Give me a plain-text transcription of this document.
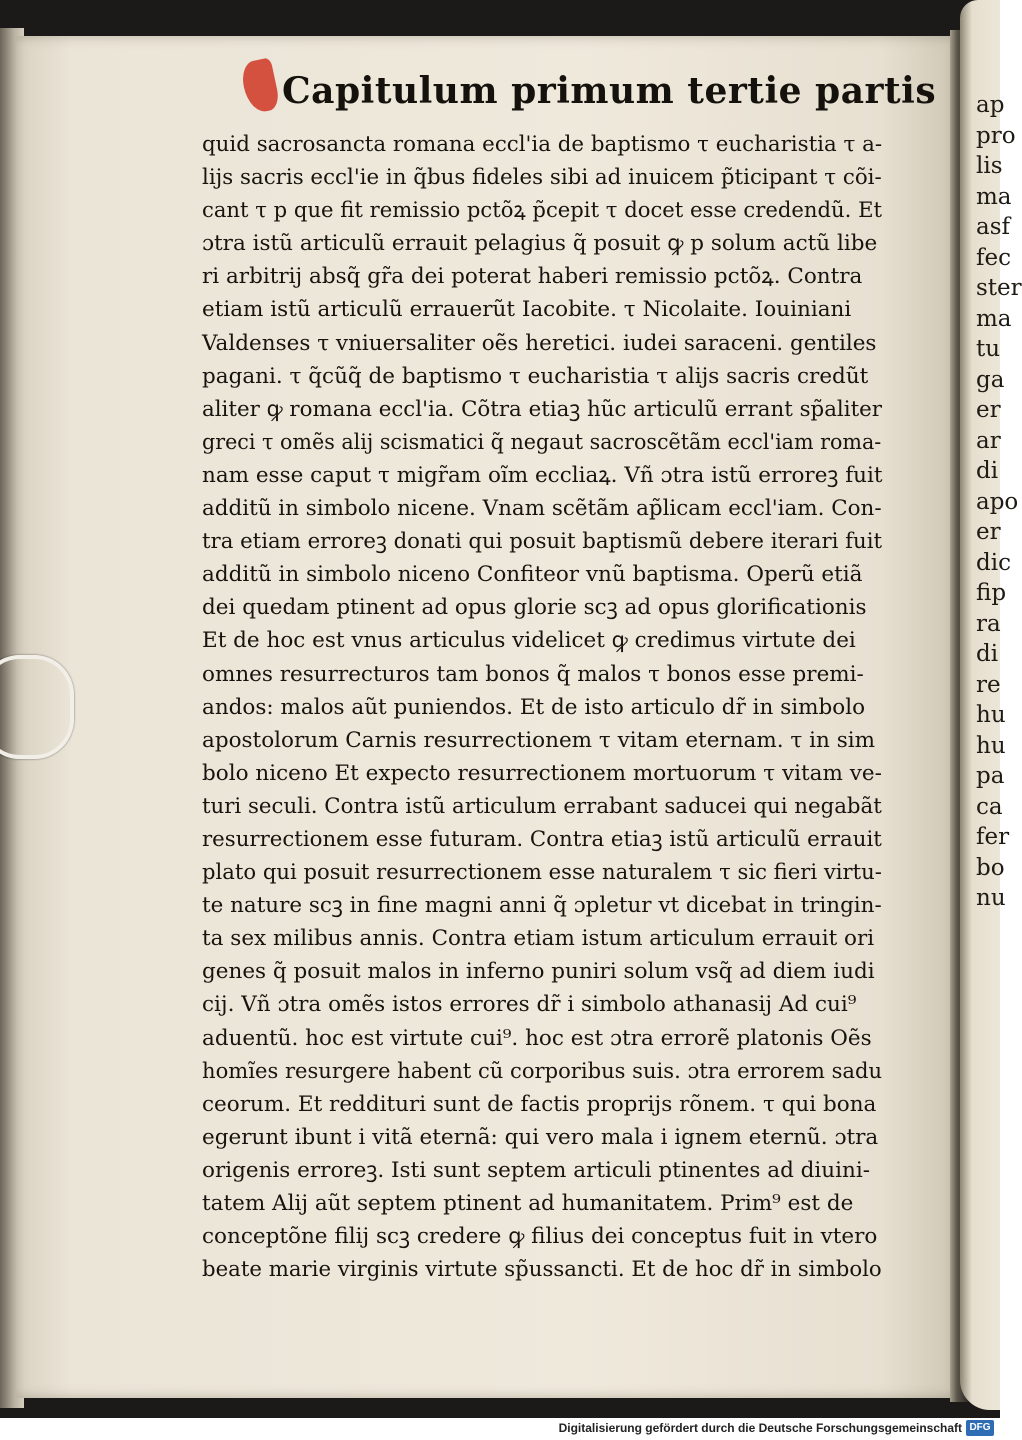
ap
pro
lis
ma
asf
fec
ster
ma
tu
ga
er
ar
di
apo
er
dic
fip
ra
di
re
hu
hu
pa
ca
fer
bo
nu
Capitulum primum tertie partis
quid sacrosancta romana eccl'ia de baptismo τ eucharistia τ a-
lijs sacris eccl'ie in q̃bus fideles sibi ad inuicem p̃ticipant τ cõi-
cant τ p que fit remissio pctõꝝ p̃cepit τ docet esse credendũ. Et
ɔtra istũ articulũ errauit pelagius q̃ posuit ꝙ p solum actũ libe
ri arbitrij absq̃ gr̃a dei poterat haberi remissio pctõꝝ. Contra
etiam istũ articulũ errauerũt Iacobite. τ Nicolaite. Iouiniani
Valdenses τ vniuersaliter oẽs heretici. iudei saraceni. gentiles
pagani. τ q̃cũq̃ de baptismo τ eucharistia τ alijs sacris credũt
aliter ꝙ romana eccl'ia. Cõtra etiaꝫ hũc articulũ errant sp̃aliter
greci τ omẽs alij scismatici q̃ negaut sacroscẽtãm eccl'iam roma-
nam esse caput τ migr̃am oĩm eccliaꝝ. Vñ ɔtra istũ erroreꝫ fuit
additũ in simbolo nicene. Vnam scẽtãm ap̃licam eccl'iam. Con-
tra etiam erroreꝫ donati qui posuit baptismũ debere iterari fuit
additũ in simbolo niceno Confiteor vnũ baptisma. Operũ etiã
dei quedam ptinent ad opus glorie scꝫ ad opus glorificationis
Et de hoc est vnus articulus videlicet ꝙ credimus virtute dei
omnes resurrecturos tam bonos q̃ malos τ bonos esse premi-
andos: malos aũt puniendos. Et de isto articulo dr̃ in simbolo
apostolorum Carnis resurrectionem τ vitam eternam. τ in sim
bolo niceno Et expecto resurrectionem mortuorum τ vitam ve-
turi seculi. Contra istũ articulum errabant saducei qui negabãt
resurrectionem esse futuram. Contra etiaꝫ istũ articulũ errauit
plato qui posuit resurrectionem esse naturalem τ sic fieri virtu-
te nature scꝫ in fine magni anni q̃ ɔpletur vt dicebat in tringin-
ta sex milibus annis. Contra etiam istum articulum errauit ori
genes q̃ posuit malos in inferno puniri solum vsq̃ ad diem iudi
cij. Vñ ɔtra omẽs istos errores dr̃ i simbolo athanasij Ad cui⁹
aduentũ. hoc est virtute cui⁹. hoc est ɔtra errorẽ platonis Oẽs
homĩes resurgere habent cũ corporibus suis. ɔtra errorem sadu
ceorum. Et reddituri sunt de factis proprijs rõnem. τ qui bona
egerunt ibunt i vitã eternã: qui vero mala i ignem eternũ. ɔtra
origenis erroreꝫ. Isti sunt septem articuli ptinentes ad diuini-
tatem Alij aũt septem ptinent ad humanitatem. Prim⁹ est de
conceptõne filij scꝫ credere ꝙ filius dei conceptus fuit in vtero
beate marie virginis virtute sp̃ussancti. Et de hoc dr̃ in simbolo
Digitalisierung gefördert durch die Deutsche Forschungsgemeinschaft DFG
